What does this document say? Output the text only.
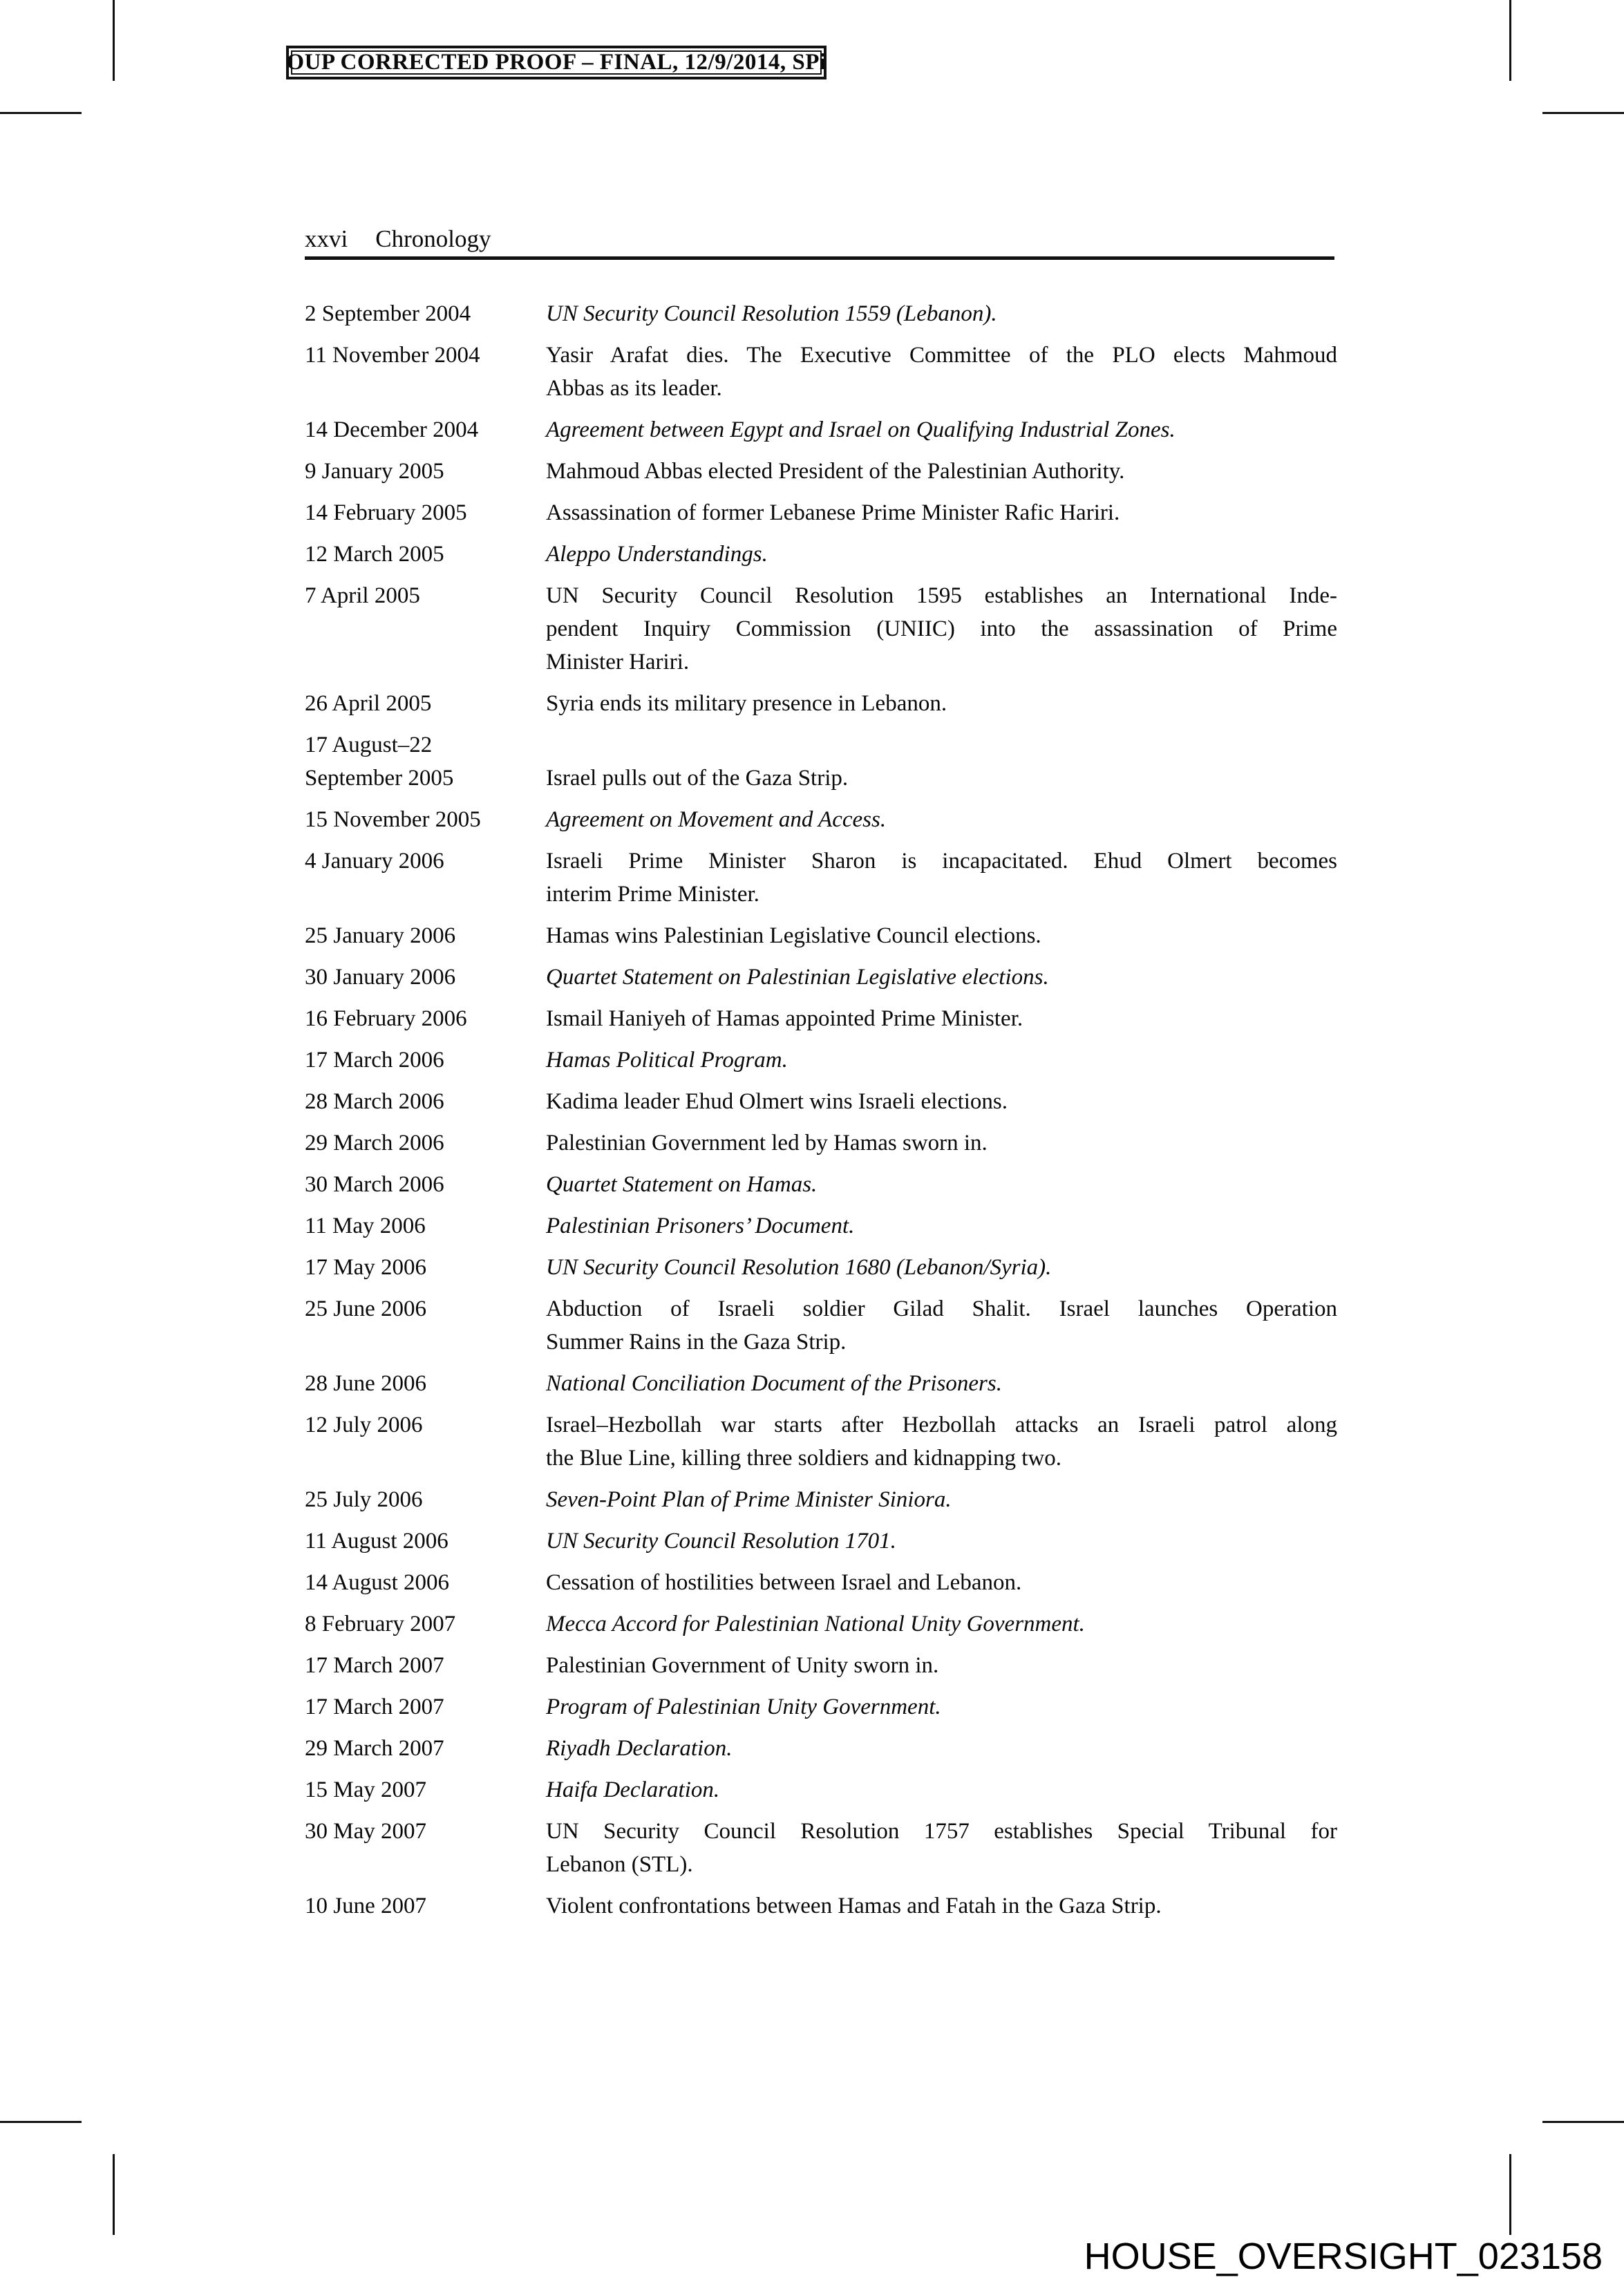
OUP CORRECTED PROOF – FINAL, 12/9/2014, SPi
xxvi Chronology
2 September 2004	UN Security Council Resolution 1559 (Lebanon).
11 November 2004	Yasir Arafat dies. The Executive Committee of the PLO elects Mahmoud
Abbas as its leader.
14 December 2004	Agreement between Egypt and Israel on Qualifying Industrial Zones.
9 January 2005	Mahmoud Abbas elected President of the Palestinian Authority.
14 February 2005	Assassination of former Lebanese Prime Minister Rafic Hariri.
12 March 2005	Aleppo Understandings.
7 April 2005	UN Security Council Resolution 1595 establishes an International Inde-
pendent Inquiry Commission (UNIIC) into the assassination of Prime
Minister Hariri.
26 April 2005	Syria ends its military presence in Lebanon.
17 August–22
September 2005	Israel pulls out of the Gaza Strip.
15 November 2005	Agreement on Movement and Access.
4 January 2006	Israeli Prime Minister Sharon is incapacitated. Ehud Olmert becomes
interim Prime Minister.
25 January 2006	Hamas wins Palestinian Legislative Council elections.
30 January 2006	Quartet Statement on Palestinian Legislative elections.
16 February 2006	Ismail Haniyeh of Hamas appointed Prime Minister.
17 March 2006	Hamas Political Program.
28 March 2006	Kadima leader Ehud Olmert wins Israeli elections.
29 March 2006	Palestinian Government led by Hamas sworn in.
30 March 2006	Quartet Statement on Hamas.
11 May 2006	Palestinian Prisoners’ Document.
17 May 2006	UN Security Council Resolution 1680 (Lebanon/Syria).
25 June 2006	Abduction of Israeli soldier Gilad Shalit. Israel launches Operation
Summer Rains in the Gaza Strip.
28 June 2006	National Conciliation Document of the Prisoners.
12 July 2006	Israel–Hezbollah war starts after Hezbollah attacks an Israeli patrol along
the Blue Line, killing three soldiers and kidnapping two.
25 July 2006	Seven-Point Plan of Prime Minister Siniora.
11 August 2006	UN Security Council Resolution 1701.
14 August 2006	Cessation of hostilities between Israel and Lebanon.
8 February 2007	Mecca Accord for Palestinian National Unity Government.
17 March 2007	Palestinian Government of Unity sworn in.
17 March 2007	Program of Palestinian Unity Government.
29 March 2007	Riyadh Declaration.
15 May 2007	Haifa Declaration.
30 May 2007	UN Security Council Resolution 1757 establishes Special Tribunal for
Lebanon (STL).
10 June 2007	Violent confrontations between Hamas and Fatah in the Gaza Strip.
HOUSE_OVERSIGHT_023158
